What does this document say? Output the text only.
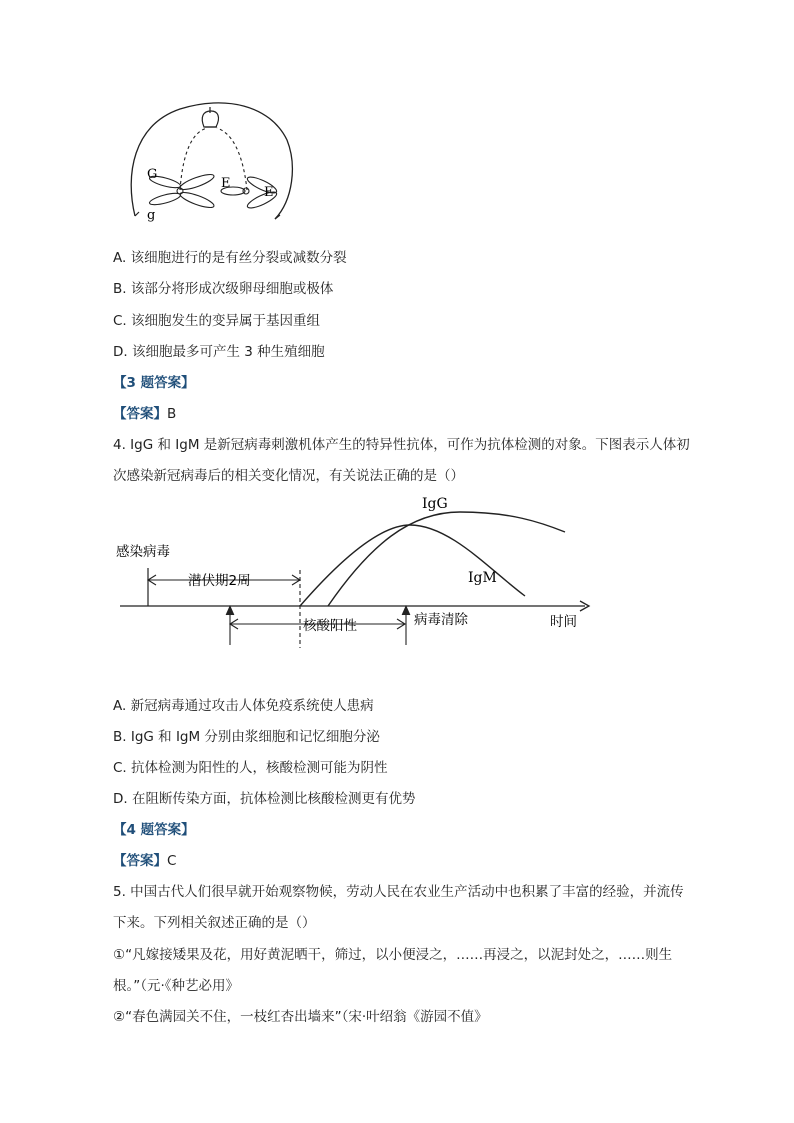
G
g
E
E
A. 该细胞进行的是有丝分裂或减数分裂
B. 该部分将形成次级卵母细胞或极体
C. 该细胞发生的变异属于基因重组
D. 该细胞最多可产生 3 种生殖细胞
【3 题答案】
【答案】B
4. IgG 和 IgM 是新冠病毒刺激机体产生的特异性抗体，可作为抗体检测的对象。下图表示人体初
次感染新冠病毒后的相关变化情况，有关说法正确的是（）
IgG
IgM
感染病毒
潜伏期2周
核酸阳性	病毒清除	时间
A. 新冠病毒通过攻击人体免疫系统使人患病
B. IgG 和 IgM 分别由浆细胞和记忆细胞分泌
C. 抗体检测为阳性的人，核酸检测可能为阴性
D. 在阻断传染方面，抗体检测比核酸检测更有优势
【4 题答案】
【答案】C
5. 中国古代人们很早就开始观察物候，劳动人民在农业生产活动中也积累了丰富的经验，并流传
下来。下列相关叙述正确的是（）
①“凡嫁接矮果及花，用好黄泥晒干，筛过，以小便浸之，……再浸之，以泥封处之，……则生
根。”（元·《种艺必用》
②“春色满园关不住，一枝红杏出墙来”（宋·叶绍翁《游园不值》
